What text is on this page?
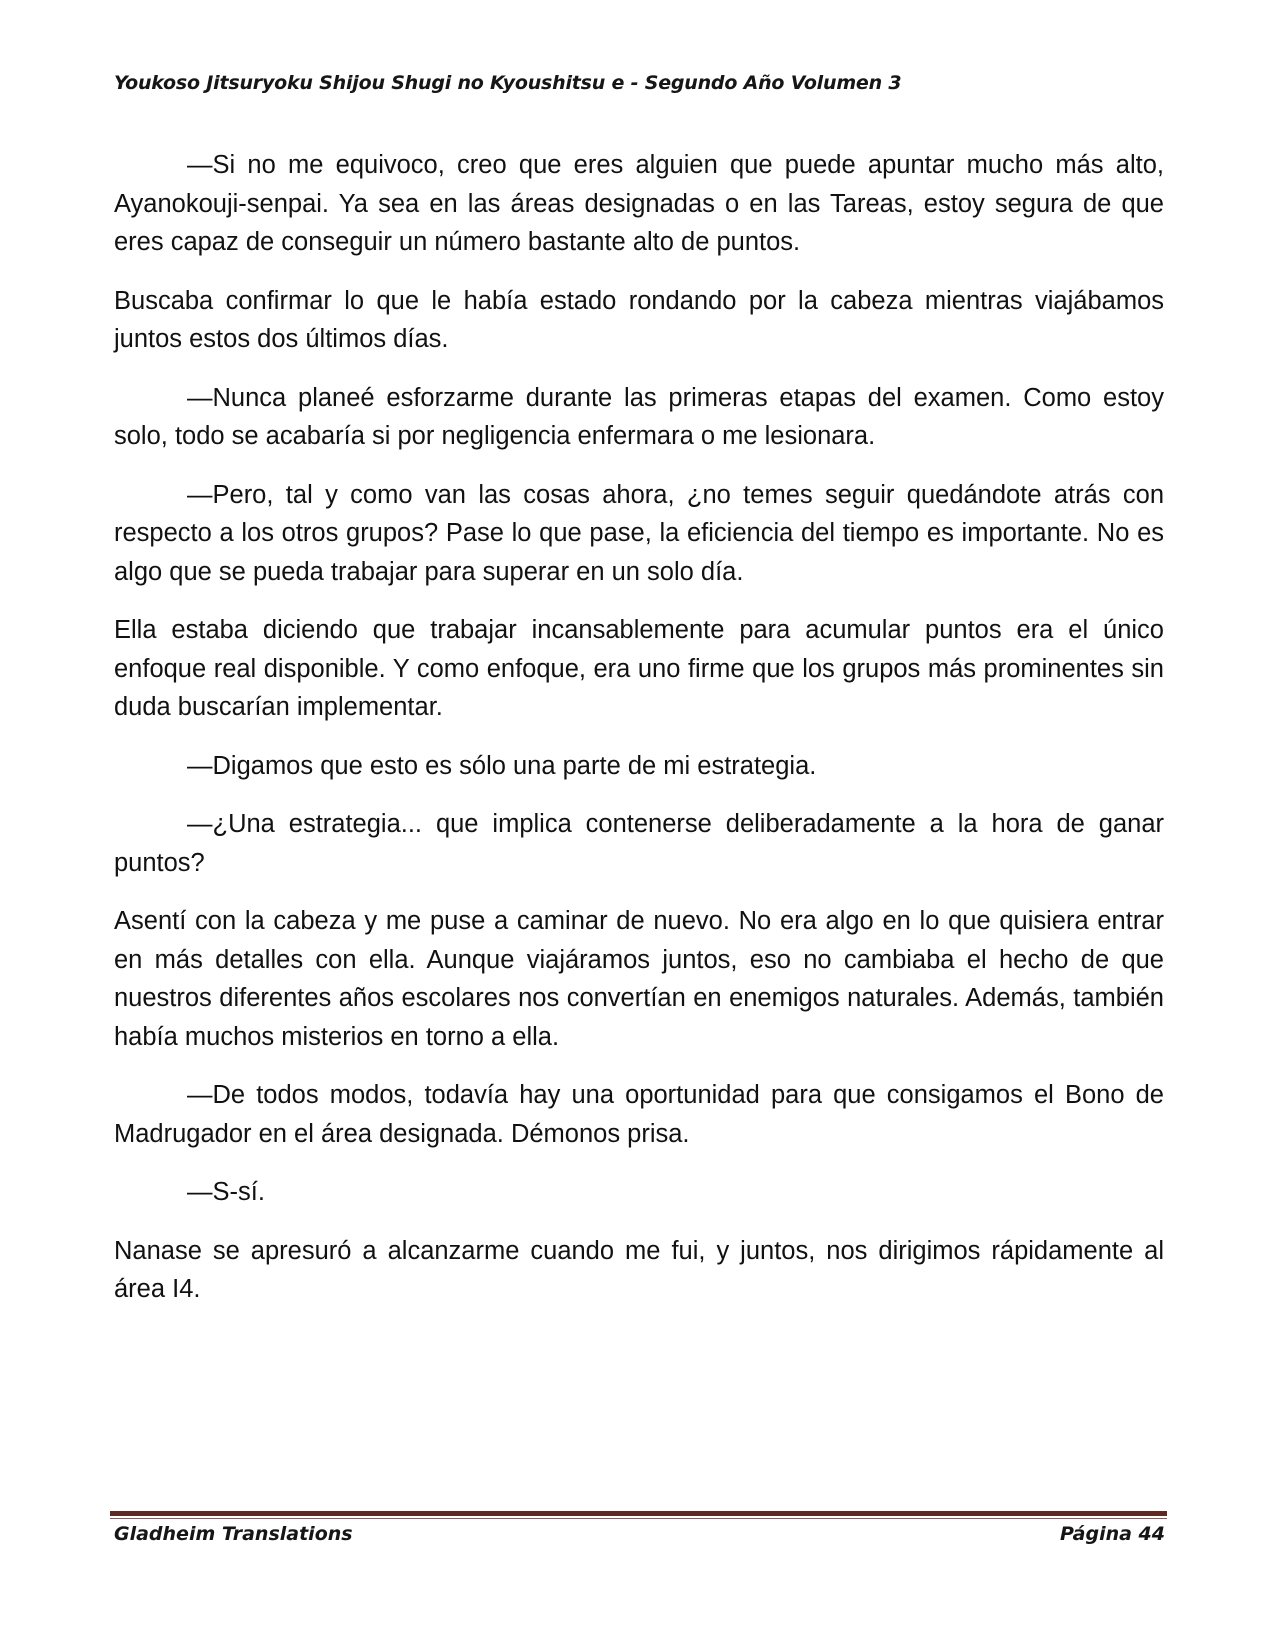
Youkoso Jitsuryoku Shijou Shugi no Kyoushitsu e - Segundo Año Volumen 3

—Si no me equivoco, creo que eres alguien que puede apuntar mucho más alto, Ayanokouji-senpai. Ya sea en las áreas designadas o en las Tareas, estoy segura de que eres capaz de conseguir un número bastante alto de puntos.

Buscaba confirmar lo que le había estado rondando por la cabeza mientras viajábamos juntos estos dos últimos días.

—Nunca planeé esforzarme durante las primeras etapas del examen. Como estoy solo, todo se acabaría si por negligencia enfermara o me lesionara.

—Pero, tal y como van las cosas ahora, ¿no temes seguir quedándote atrás con respecto a los otros grupos? Pase lo que pase, la eficiencia del tiempo es importante. No es algo que se pueda trabajar para superar en un solo día.

Ella estaba diciendo que trabajar incansablemente para acumular puntos era el único enfoque real disponible. Y como enfoque, era uno firme que los grupos más prominentes sin duda buscarían implementar.

—Digamos que esto es sólo una parte de mi estrategia.

—¿Una estrategia... que implica contenerse deliberadamente a la hora de ganar puntos?

Asentí con la cabeza y me puse a caminar de nuevo. No era algo en lo que quisiera entrar en más detalles con ella. Aunque viajáramos juntos, eso no cambiaba el hecho de que nuestros diferentes años escolares nos convertían en enemigos naturales. Además, también había muchos misterios en torno a ella.

—De todos modos, todavía hay una oportunidad para que consigamos el Bono de Madrugador en el área designada. Démonos prisa.

—S-sí.

Nanase se apresuró a alcanzarme cuando me fui, y juntos, nos dirigimos rápidamente al área I4.

Gladheim Translations	Página 44
